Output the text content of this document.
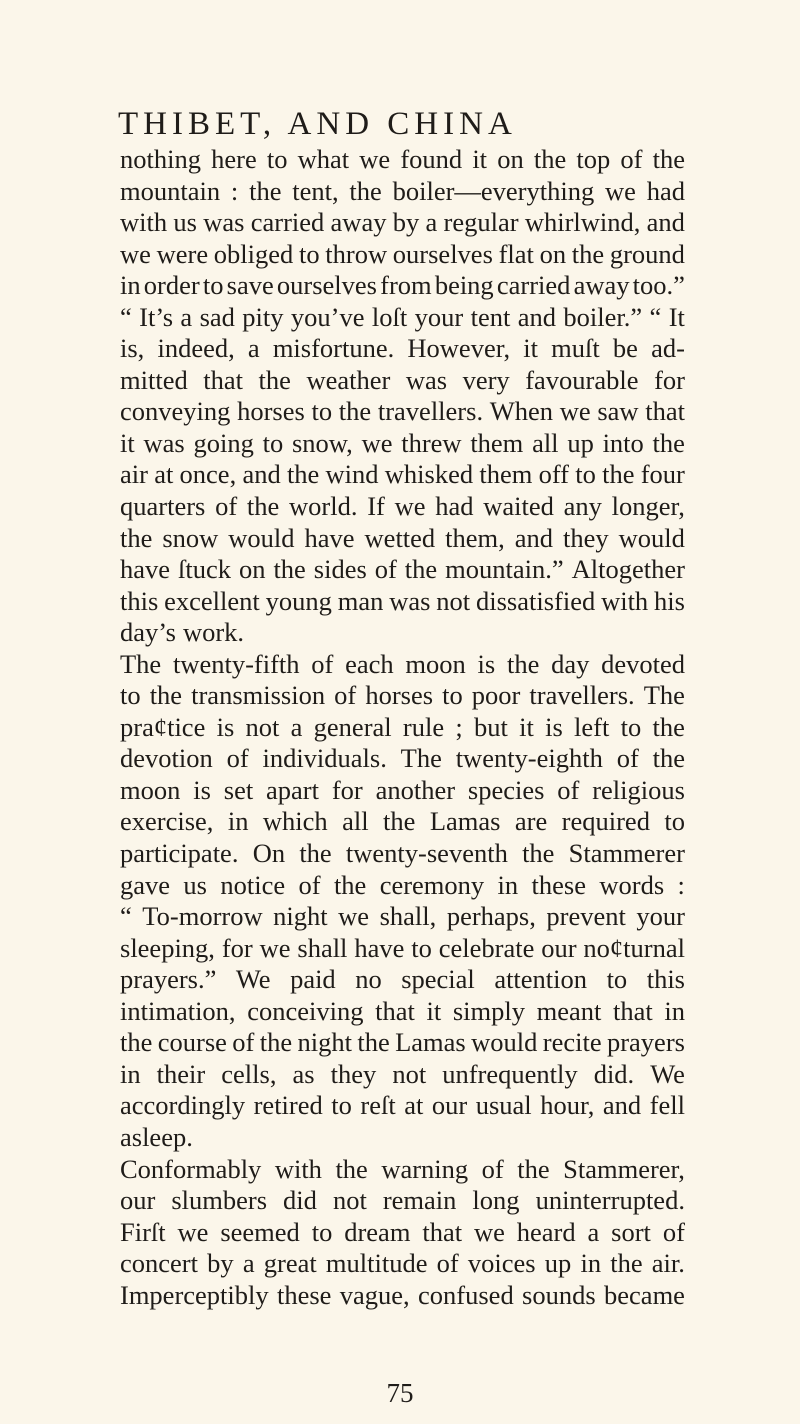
THIBET, AND CHINA
nothing here to what we found it on the top of the
mountain : the tent, the boiler—everything we had
with us was carried away by a regular whirlwind, and
we were obliged to throw ourselves flat on the ground
in order to save ourselves from being carried away too.”
“ It’s a sad pity you’ve loſt your tent and boiler.” “ It
is, indeed, a misfortune. However, it muſt be ad-
mitted that the weather was very favourable for
conveying horses to the travellers. When we saw that
it was going to snow, we threw them all up into the
air at once, and the wind whisked them off to the four
quarters of the world. If we had waited any longer,
the snow would have wetted them, and they would
have ſtuck on the sides of the mountain.” Altogether
this excellent young man was not dissatisfied with his
day’s work.
The twenty-fifth of each moon is the day devoted
to the transmission of horses to poor travellers. The
pra¢tice is not a general rule ; but it is left to the
devotion of individuals. The twenty-eighth of the
moon is set apart for another species of religious
exercise, in which all the Lamas are required to
participate. On the twenty-seventh the Stammerer
gave us notice of the ceremony in these words :
“ To-morrow night we shall, perhaps, prevent your
sleeping, for we shall have to celebrate our no¢turnal
prayers.” We paid no special attention to this
intimation, conceiving that it simply meant that in
the course of the night the Lamas would recite prayers
in their cells, as they not unfrequently did. We
accordingly retired to reſt at our usual hour, and fell
asleep.
Conformably with the warning of the Stammerer,
our slumbers did not remain long uninterrupted.
Firſt we seemed to dream that we heard a sort of
concert by a great multitude of voices up in the air.
Imperceptibly these vague, confused sounds became
75
